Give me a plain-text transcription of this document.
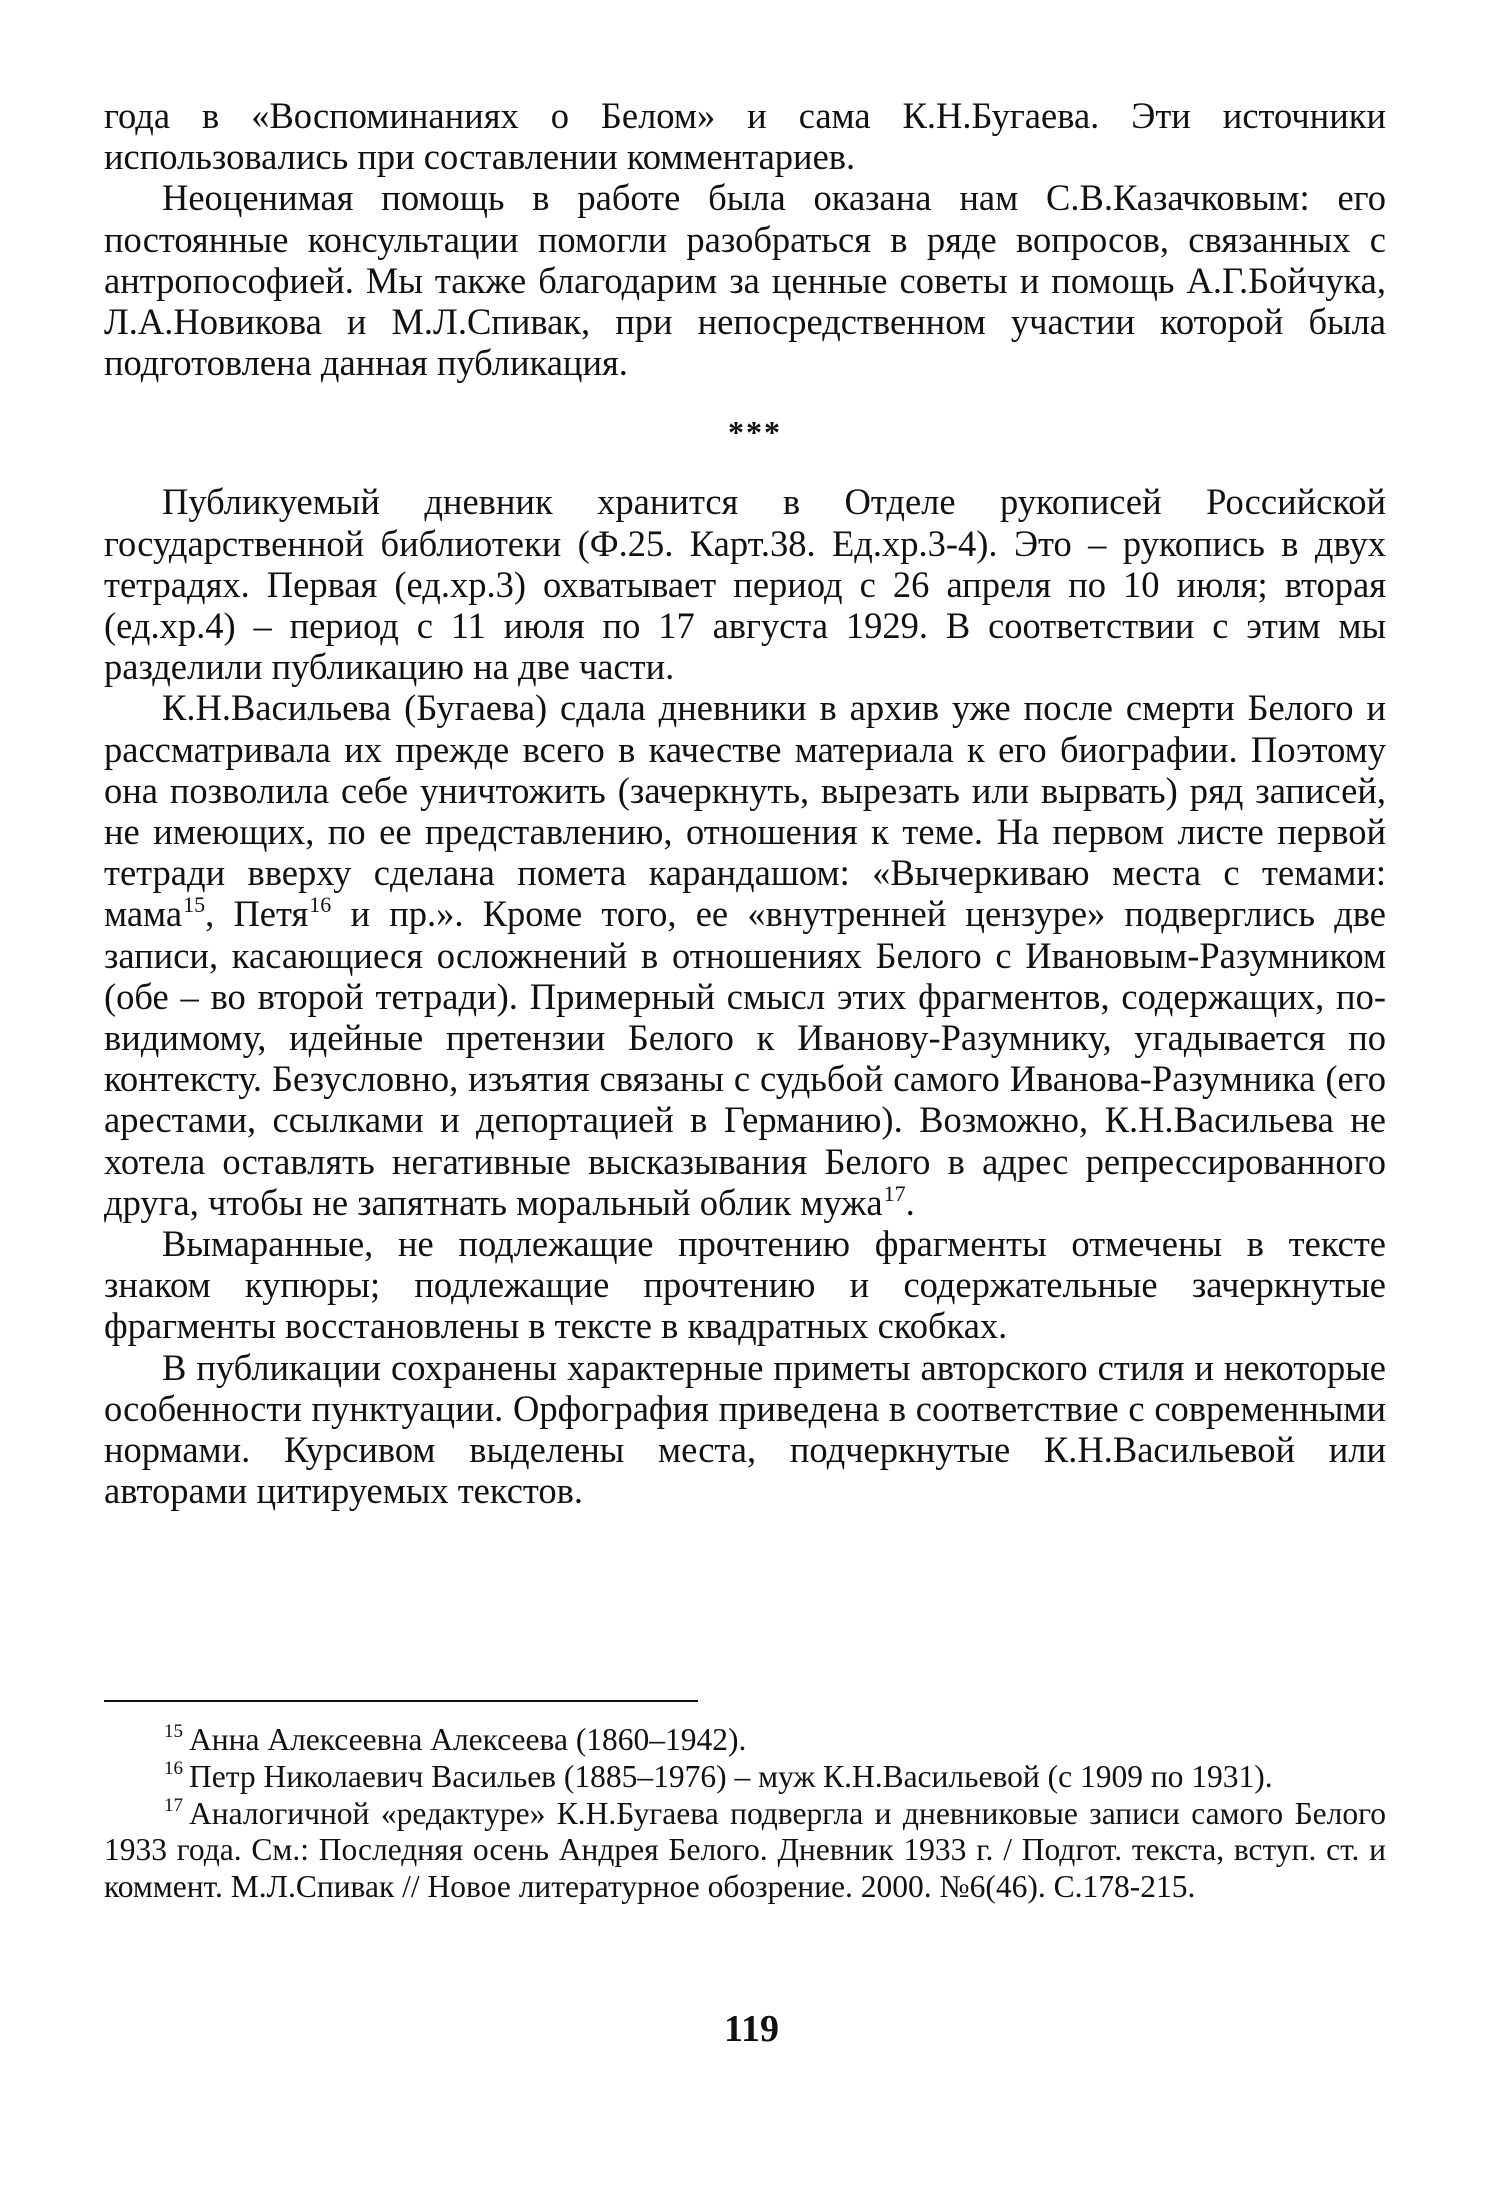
года в «Воспоминаниях о Белом» и сама К.Н.Бугаева. Эти источники использовались при составлении комментариев.

Неоценимая помощь в работе была оказана нам С.В.Казачковым: его постоянные консультации помогли разобраться в ряде вопросов, связанных с антропософией. Мы также благодарим за ценные советы и помощь А.Г.Бойчука, Л.А.Новикова и М.Л.Спивак, при непосредственном участии которой была подготовлена данная публикация.

***

Публикуемый дневник хранится в Отделе рукописей Российской государственной библиотеки (Ф.25. Карт.38. Ед.хр.3-4). Это – рукопись в двух тетрадях. Первая (ед.хр.3) охватывает период с 26 апреля по 10 июля; вторая (ед.хр.4) – период с 11 июля по 17 августа 1929. В соответствии с этим мы разделили публикацию на две части.

К.Н.Васильева (Бугаева) сдала дневники в архив уже после смерти Белого и рассматривала их прежде всего в качестве материала к его биографии. Поэтому она позволила себе уничтожить (зачеркнуть, вырезать или вырвать) ряд записей, не имеющих, по ее представлению, отношения к теме. На первом листе первой тетради вверху сделана помета карандашом: «Вычеркиваю места с темами: мама$^{15}$, Петя$^{16}$ и пр.». Кроме того, ее «внутренней цензуре» подверглись две записи, касающиеся осложнений в отношениях Белого с Ивановым-Разумником (обе – во второй тетради). Примерный смысл этих фрагментов, содержащих, по-видимому, идейные претензии Белого к Иванову-Разумнику, угадывается по контексту. Безусловно, изъятия связаны с судьбой самого Иванова-Разумника (его арестами, ссылками и депортацией в Германию). Возможно, К.Н.Васильева не хотела оставлять негативные высказывания Белого в адрес репрессированного друга, чтобы не запятнать моральный облик мужа$^{17}$.

Вымаранные, не подлежащие прочтению фрагменты отмечены в тексте знаком купюры; подлежащие прочтению и содержательные зачеркнутые фрагменты восстановлены в тексте в квадратных скобках.

В публикации сохранены характерные приметы авторского стиля и некоторые особенности пунктуации. Орфография приведена в соответствие с современными нормами. Курсивом выделены места, подчеркнутые К.Н.Васильевой или авторами цитируемых текстов.

$^{15}$ Анна Алексеевна Алексеева (1860–1942).

$^{16}$ Петр Николаевич Васильев (1885–1976) – муж К.Н.Васильевой (с 1909 по 1931).

$^{17}$ Аналогичной «редактуре» К.Н.Бугаева подвергла и дневниковые записи самого Белого 1933 года. См.: Последняя осень Андрея Белого. Дневник 1933 г. / Подгот. текста, вступ. ст. и коммент. М.Л.Спивак // Новое литературное обозрение. 2000. №6(46). С.178-215.

119
